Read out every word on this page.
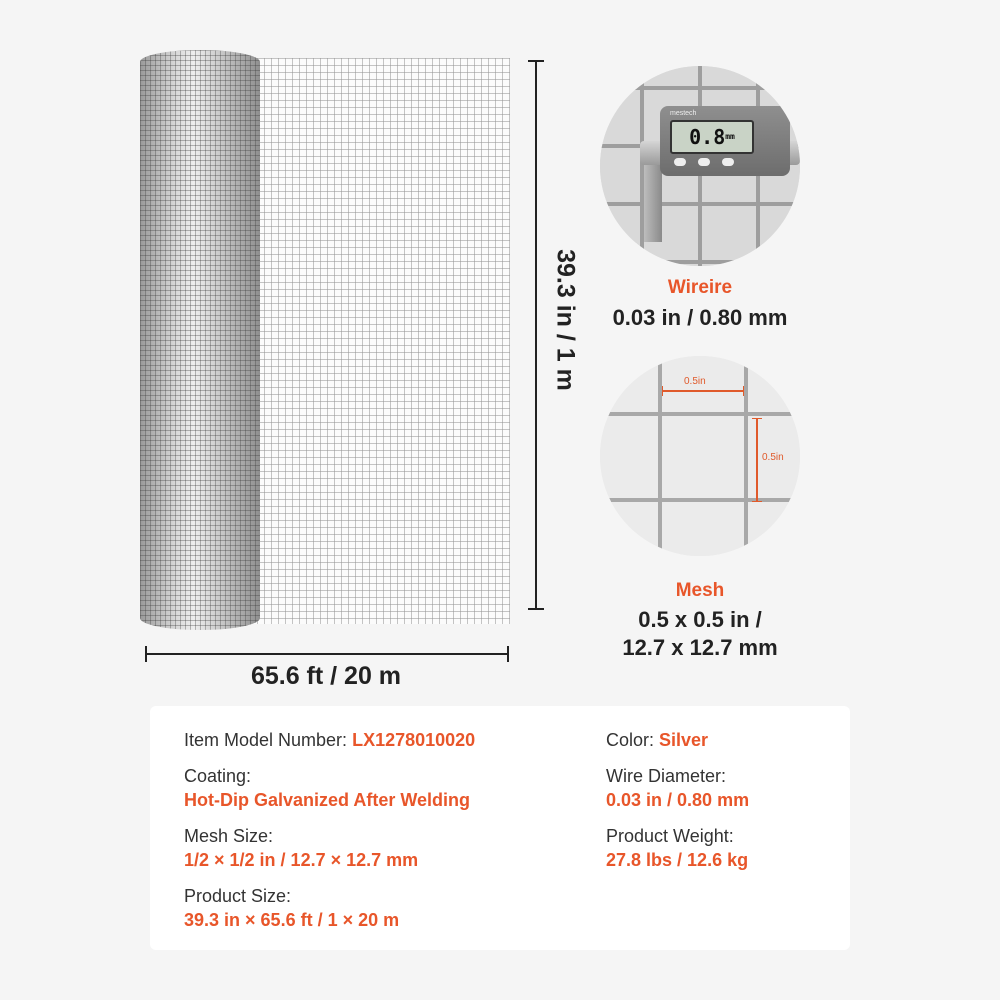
39.3 in / 1 m
65.6 ft / 20 m
mestech
0.8mm
Wireire
0.03 in / 0.80 mm
0.5in
0.5in
Mesh
0.5 x 0.5 in /
12.7 x 12.7 mm
Item Model Number: LX1278010020
Coating:
Hot-Dip Galvanized After Welding
Mesh Size:
1/2 × 1/2 in / 12.7 × 12.7 mm
Product Size:
39.3 in × 65.6 ft / 1 × 20 m
Color: Silver
Wire Diameter:
0.03 in / 0.80 mm
Product Weight:
27.8 lbs / 12.6 kg
